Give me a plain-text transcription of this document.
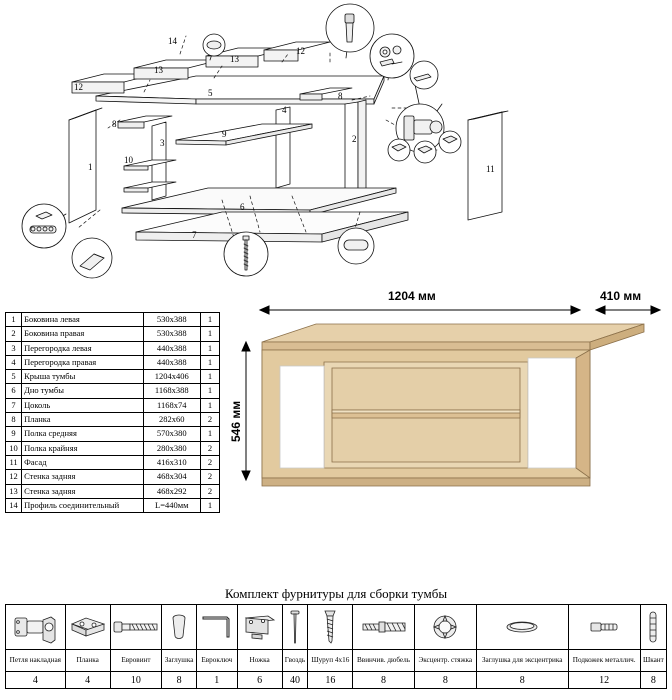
1
2
3
4
5
6
7
8
8
9
10
11
12
12
13
13
14
1	Боковина левая	530x388	1
2	Боковина правая	530x388	1
3	Перегородка левая	440x388	1
4	Перегородка правая	440x388	1
5	Крыша тумбы	1204x406	1
6	Дно тумбы	1168x388	1
7	Цоколь	1168x74	1
8	Планка	282x60	2
9	Полка средняя	570x380	1
10	Полка крайняя	280x380	2
11	Фасад	416x310	2
12	Стенка задняя	468x304	2
13	Стенка задняя	468x292	2
14	Профиль соединительный	L=440мм	1
1204 мм	410 мм
546 мм
Комплект фурнитуры для сборки тумбы

Петля накладная	Планка	Евровинт	Заглушка	Евроключ	Ножка	Гвоздь	Шуруп 4x16	Ввинчив. дюбель	Эксцентр. стяжка	Заглушка для эксцентрика	Подкожек металлич.	Шкант
4	4	10	8	1	6	40	16	8	8	8	12	8
